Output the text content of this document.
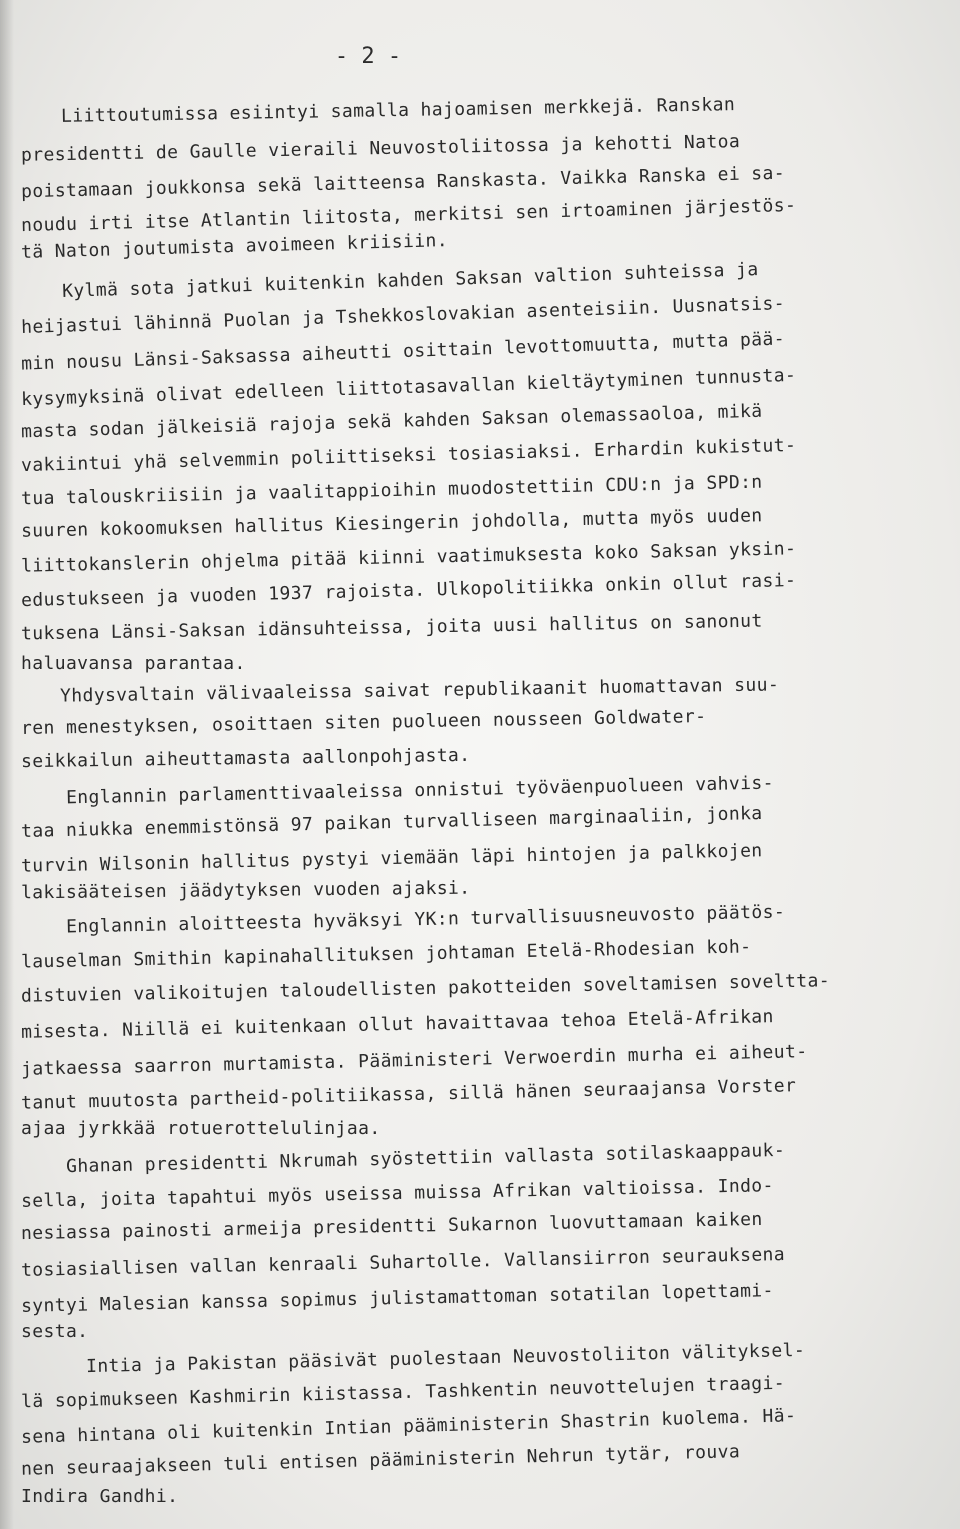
- 2 -
Liittoutumissa esiintyi samalla hajoamisen merkkejä. Ranskan
presidentti de Gaulle vieraili Neuvostoliitossa ja kehotti Natoa
poistamaan joukkonsa sekä laitteensa Ranskasta. Vaikka Ranska ei sa-
noudu irti itse Atlantin liitosta, merkitsi sen irtoaminen järjestös-
tä Naton joutumista avoimeen kriisiin.
Kylmä sota jatkui kuitenkin kahden Saksan valtion suhteissa ja
heijastui lähinnä Puolan ja Tshekkoslovakian asenteisiin. Uusnatsis-
min nousu Länsi-Saksassa aiheutti osittain levottomuutta, mutta pää-
kysymyksinä olivat edelleen liittotasavallan kieltäytyminen tunnusta-
masta sodan jälkeisiä rajoja sekä kahden Saksan olemassaoloa, mikä
vakiintui yhä selvemmin poliittiseksi tosiasiaksi. Erhardin kukistut-
tua talouskriisiin ja vaalitappioihin muodostettiin CDU:n ja SPD:n
suuren kokoomuksen hallitus Kiesingerin johdolla, mutta myös uuden
liittokanslerin ohjelma pitää kiinni vaatimuksesta koko Saksan yksin-
edustukseen ja vuoden 1937 rajoista. Ulkopolitiikka onkin ollut rasi-
tuksena Länsi-Saksan idänsuhteissa, joita uusi hallitus on sanonut
haluavansa parantaa.
Yhdysvaltain välivaaleissa saivat republikaanit huomattavan suu-
ren menestyksen, osoittaen siten puolueen nousseen Goldwater-
seikkailun aiheuttamasta aallonpohjasta.
Englannin parlamenttivaaleissa onnistui työväenpuolueen vahvis-
taa niukka enemmistönsä 97 paikan turvalliseen marginaaliin, jonka
turvin Wilsonin hallitus pystyi viemään läpi hintojen ja palkkojen
lakisääteisen jäädytyksen vuoden ajaksi.
Englannin aloitteesta hyväksyi YK:n turvallisuusneuvosto päätös-
lauselman Smithin kapinahallituksen johtaman Etelä-Rhodesian koh-
distuvien valikoitujen taloudellisten pakotteiden soveltamisen soveltta-
misesta. Niillä ei kuitenkaan ollut havaittavaa tehoa Etelä-Afrikan
jatkaessa saarron murtamista. Pääministeri Verwoerdin murha ei aiheut-
tanut muutosta partheid-politiikassa, sillä hänen seuraajansa Vorster
ajaa jyrkkää rotuerottelulinjaa.
Ghanan presidentti Nkrumah syöstettiin vallasta sotilaskaappauk-
sella, joita tapahtui myös useissa muissa Afrikan valtioissa. Indo-
nesiassa painosti armeija presidentti Sukarnon luovuttamaan kaiken
tosiasiallisen vallan kenraali Suhartolle. Vallansiirron seurauksena
syntyi Malesian kanssa sopimus julistamattoman sotatilan lopettami-
sesta.
Intia ja Pakistan pääsivät puolestaan Neuvostoliiton välityksel-
lä sopimukseen Kashmirin kiistassa. Tashkentin neuvottelujen traagi-
sena hintana oli kuitenkin Intian pääministerin Shastrin kuolema. Hä-
nen seuraajakseen tuli entisen pääministerin Nehrun tytär, rouva
Indira Gandhi.
